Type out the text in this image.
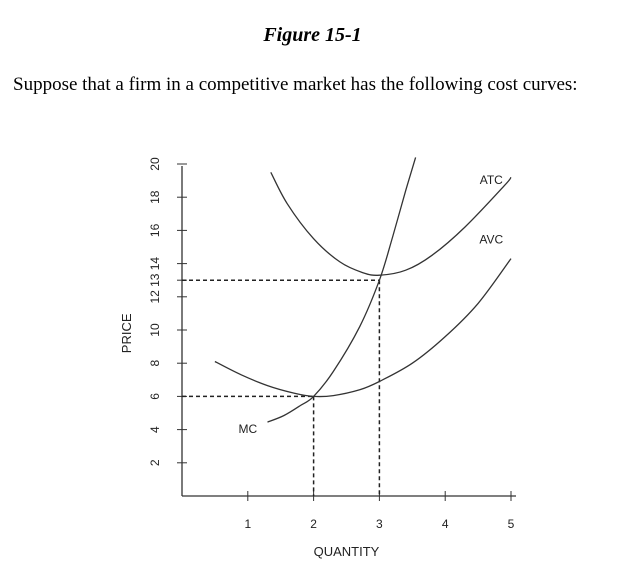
Figure 15-1
Suppose that a firm in a competitive market has the following cost curves:
2
4
6
8
10
12
13
14
16
18
20
1	2	3	4	5
QUANTITY
PRICE
ATC
AVC
MC
